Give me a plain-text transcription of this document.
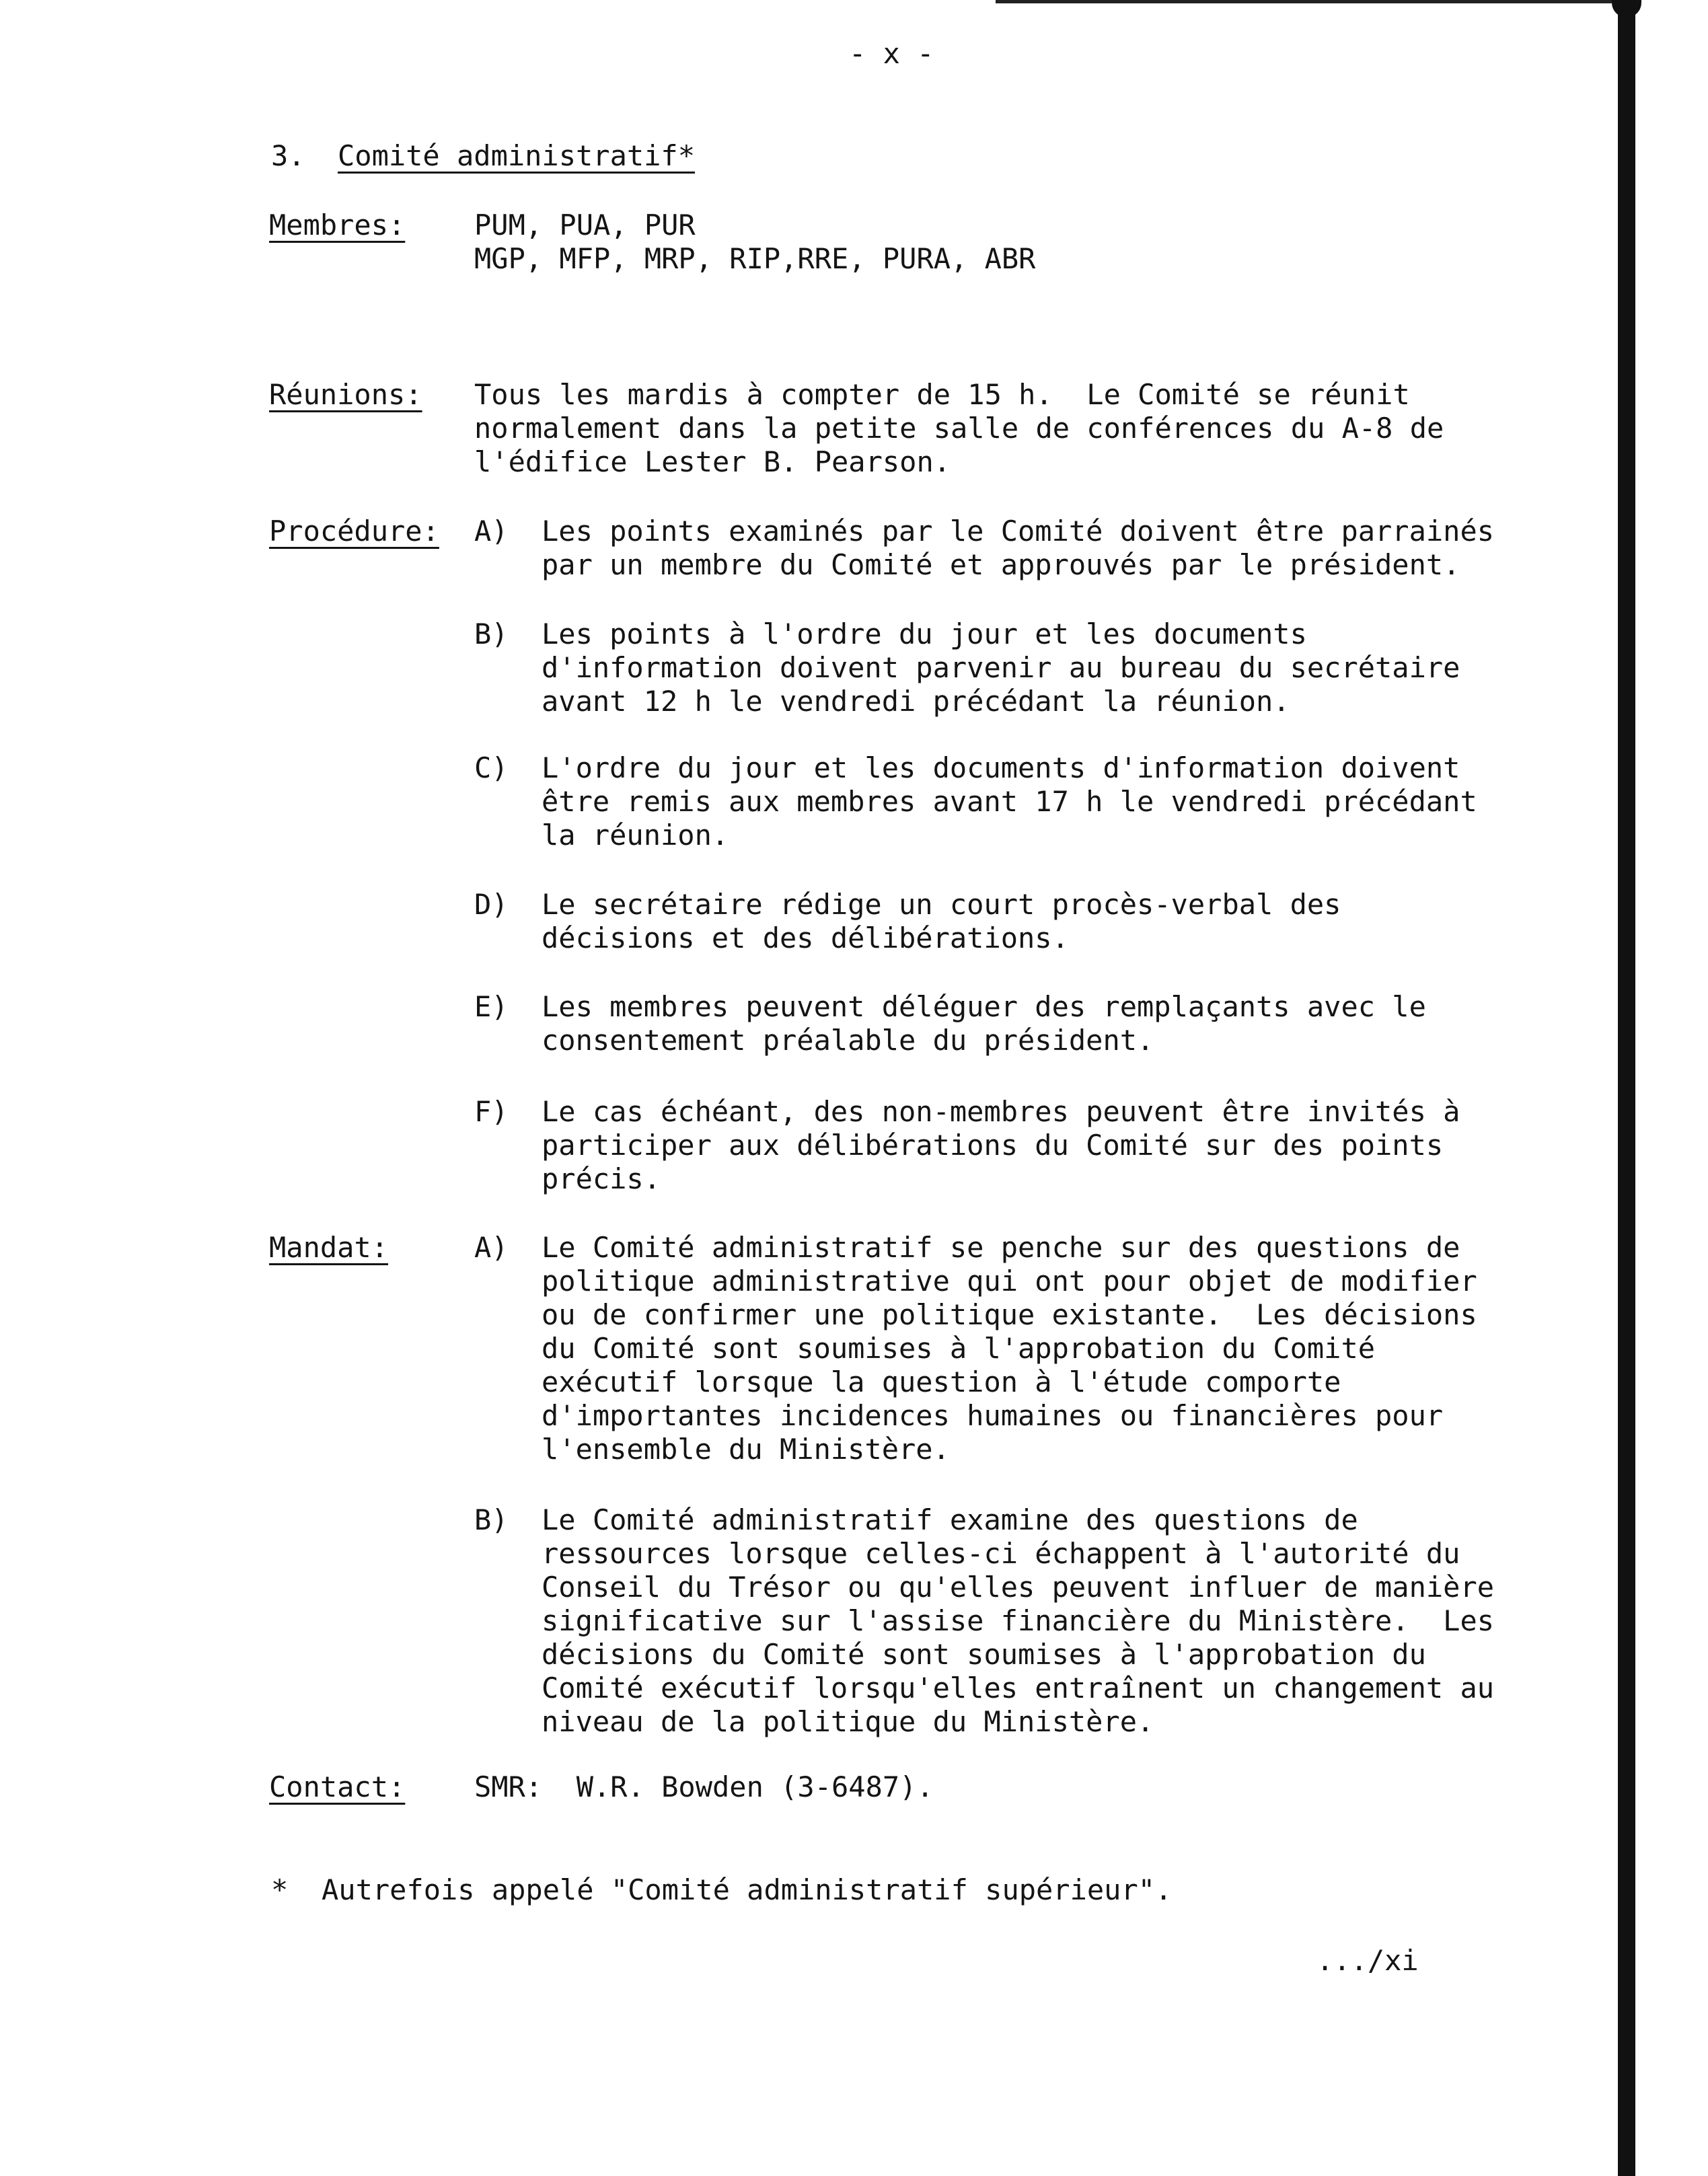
- x -
3. Comité administratif*
Membres: PUM, PUA, PUR
MGP, MFP, MRP, RIP,RRE, PURA, ABR
Réunions: Tous les mardis à compter de 15 h.  Le Comité se réunit
normalement dans la petite salle de conférences du A-8 de
l'édifice Lester B. Pearson.
Procédure: A) Les points examinés par le Comité doivent être parrainés
par un membre du Comité et approuvés par le président.
B) Les points à l'ordre du jour et les documents
d'information doivent parvenir au bureau du secrétaire
avant 12 h le vendredi précédant la réunion.
C) L'ordre du jour et les documents d'information doivent
être remis aux membres avant 17 h le vendredi précédant
la réunion.
D) Le secrétaire rédige un court procès-verbal des
décisions et des délibérations.
E) Les membres peuvent déléguer des remplaçants avec le
consentement préalable du président.
F) Le cas échéant, des non-membres peuvent être invités à
participer aux délibérations du Comité sur des points
précis.
Mandat:	A) Le Comité administratif se penche sur des questions de
politique administrative qui ont pour objet de modifier
ou de confirmer une politique existante.  Les décisions
du Comité sont soumises à l'approbation du Comité
exécutif lorsque la question à l'étude comporte
d'importantes incidences humaines ou financières pour
l'ensemble du Ministère.
B) Le Comité administratif examine des questions de
ressources lorsque celles-ci échappent à l'autorité du
Conseil du Trésor ou qu'elles peuvent influer de manière
significative sur l'assise financière du Ministère.  Les
décisions du Comité sont soumises à l'approbation du
Comité exécutif lorsqu'elles entraînent un changement au
niveau de la politique du Ministère.
Contact: SMR:  W.R. Bowden (3-6487).
* Autrefois appelé "Comité administratif supérieur".
.../xi
